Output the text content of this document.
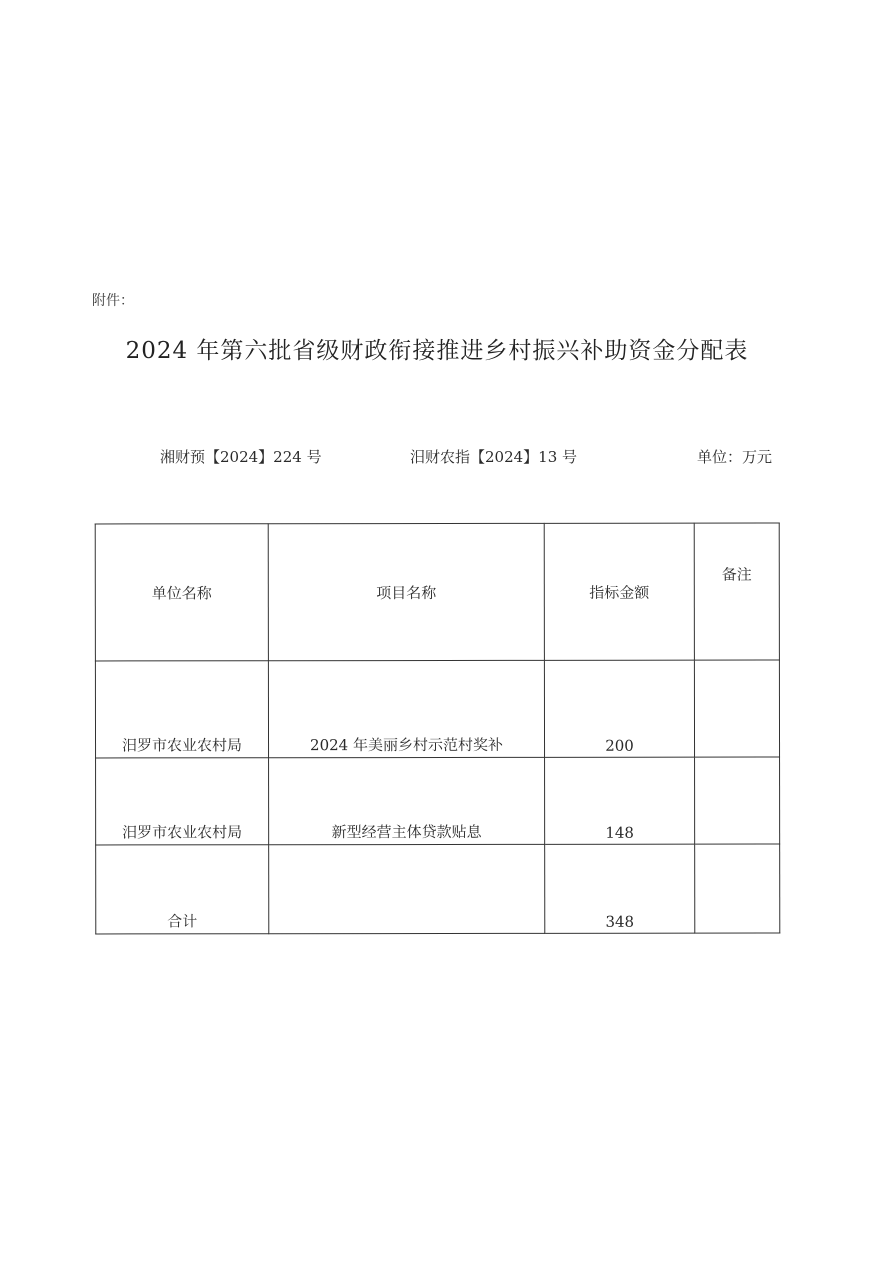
附件：
2024 年第六批省级财政衔接推进乡村振兴补助资金分配表
湘财预【2024】224 号	汨财农指【2024】13 号	单位：万元
单位名称	项目名称	指标金额	备注
汨罗市农业农村局	2024 年美丽乡村示范村奖补	200	
汨罗市农业农村局	新型经营主体贷款贴息	148	
合计		348	
